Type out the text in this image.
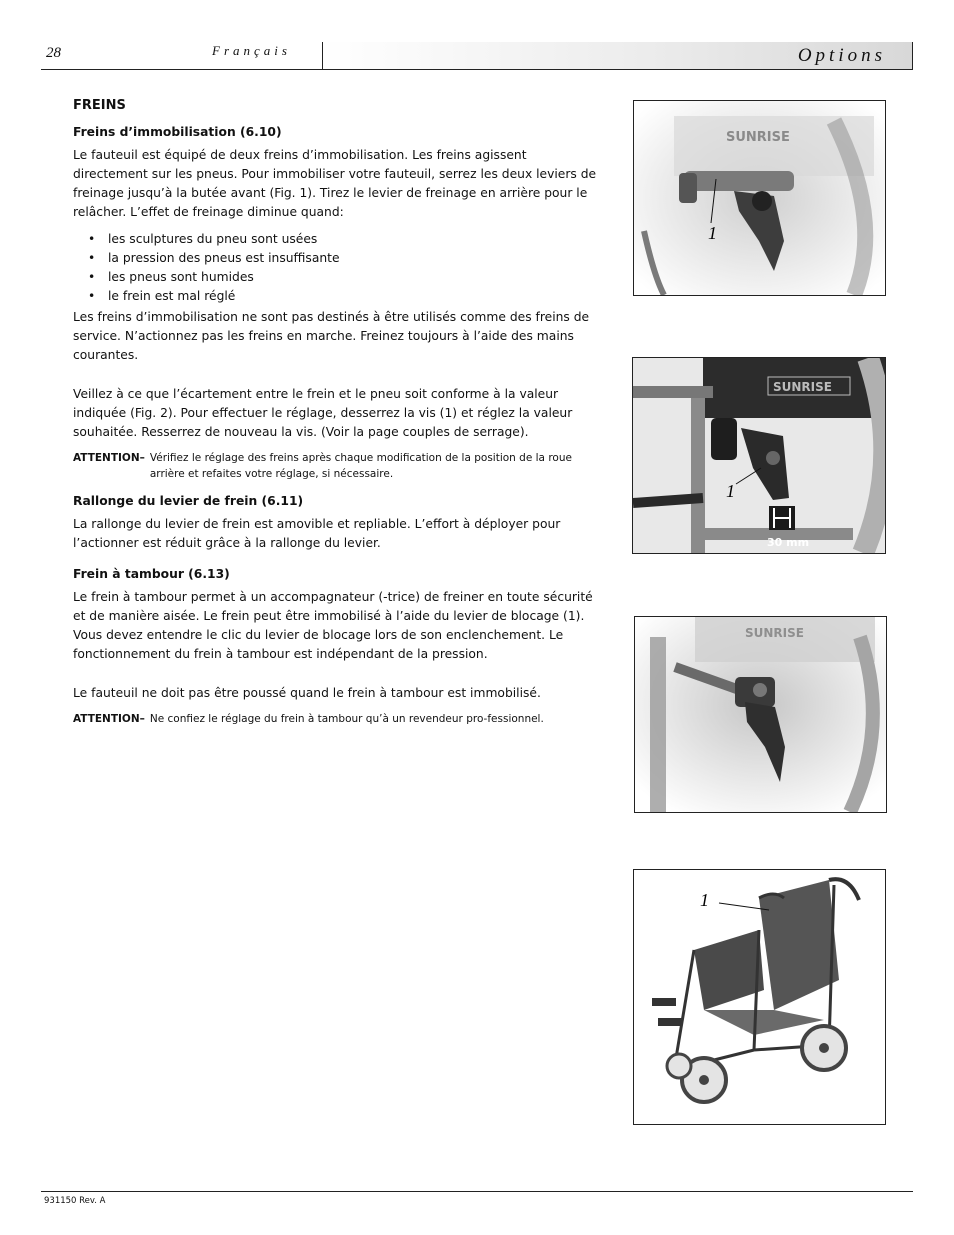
28	Français	Options
FREINS
Freins d’immobilisation (6.10)

Le fauteuil est équipé de deux freins d’immobilisation. Les freins agissent directement sur les pneus. Pour immobiliser votre fauteuil, serrez les deux leviers de freinage jusqu’à la butée avant (Fig. 1). Tirez le levier de freinage en arrière pour le relâcher. L’effet de freinage diminue quand:

• les sculptures du pneu sont usées
• la pression des pneus est insuffisante
• les pneus sont humides
• le frein est mal réglé

Les freins d’immobilisation ne sont pas destinés à être utilisés comme des freins de service. N’actionnez pas les freins en marche. Freinez toujours à l’aide des mains courantes.

Veillez à ce que l’écartement entre le frein et le pneu soit conforme à la valeur indiquée (Fig. 2). Pour effectuer le réglage, desserrez la vis (1) et réglez la valeur souhaitée. Resserrez de nouveau la vis. (Voir la page couples de serrage).

ATTENTION– Vérifiez le réglage des freins après chaque modification de la position de la roue arrière et refaites votre réglage, si nécessaire.
Rallonge du levier de frein (6.11)

La rallonge du levier de frein est amovible et repliable. L’effort à déployer pour l’actionner est réduit grâce à la rallonge du levier.

Frein à tambour (6.13)

Le frein à tambour permet à un accompagnateur (-trice) de freiner en toute sécurité et de manière aisée. Le frein peut être immobilisé à l’aide du levier de blocage (1). Vous devez entendre le clic du levier de blocage lors de son enclenchement. Le fonctionnement du frein à tambour est indépendant de la pression.

Le fauteuil ne doit pas être poussé quand le frein à tambour est immobilisé.

ATTENTION– Ne confiez le réglage du frein à tambour qu’à un revendeur pro-fessionnel.
SUNRISE
1
SUNRISE
1
30 mm
SUNRISE
1
931150 Rev. A
